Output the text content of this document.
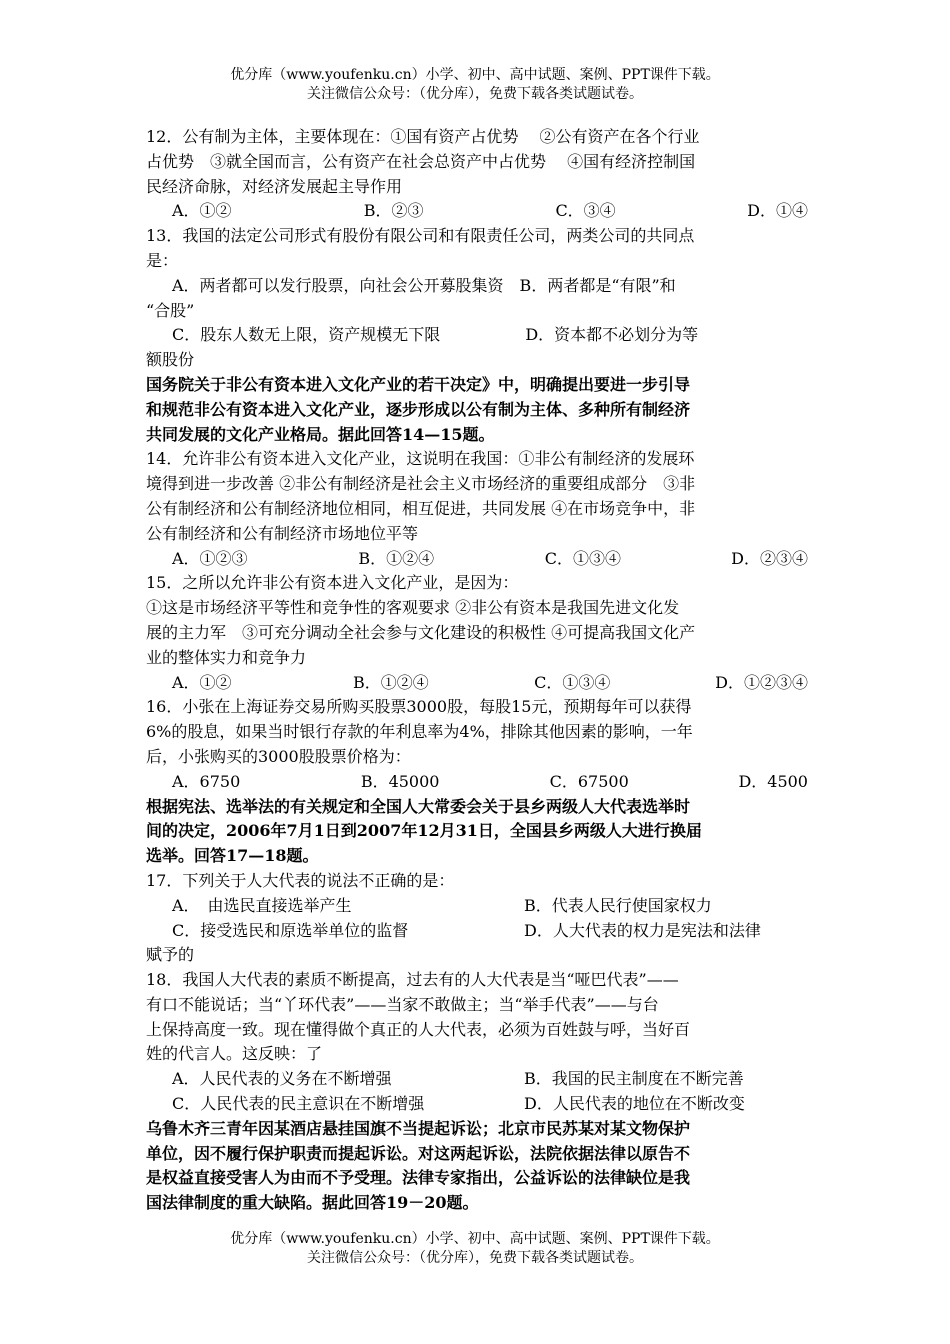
优分库（www.youfenku.cn）小学、初中、高中试题、案例、PPT课件下载。
关注微信公众号：（优分库），免费下载各类试题试卷。
12．公有制为主体，主要体现在：①国有资产占优势　 ②公有资产在各个行业
占优势　③就全国而言，公有资产在社会总资产中占优势　 ④国有经济控制国
民经济命脉，对经济发展起主导作用
A．①②	B．②③	C．③④	D．①④
13．我国的法定公司形式有股份有限公司和有限责任公司，两类公司的共同点
是：
A．两者都可以发行股票，向社会公开募股集资　B．两者都是“有限”和
“合股”
C．股东人数无上限，资产规模无下限　　　　　 D．资本都不必划分为等
额股份
国务院关于非公有资本进入文化产业的若干决定》中，明确提出要进一步引导
和规范非公有资本进入文化产业，逐步形成以公有制为主体、多种所有制经济
共同发展的文化产业格局。据此回答14—15题。
14．允许非公有资本进入文化产业，这说明在我国：①非公有制经济的发展环
境得到进一步改善 ②非公有制经济是社会主义市场经济的重要组成部分　③非
公有制经济和公有制经济地位相同，相互促进，共同发展 ④在市场竞争中，非
公有制经济和公有制经济市场地位平等
A．①②③	B．①②④	C．①③④	D．②③④
15．之所以允许非公有资本进入文化产业，是因为：
①这是市场经济平等性和竞争性的客观要求 ②非公有资本是我国先进文化发
展的主力军　③可充分调动全社会参与文化建设的积极性 ④可提高我国文化产
业的整体实力和竞争力
A．①②	B．①②④	C．①③④	D．①②③④
16．小张在上海证券交易所购买股票3000股，每股15元，预期每年可以获得
6%的股息，如果当时银行存款的年利息率为4%，排除其他因素的影响，一年
后，小张购买的3000股股票价格为：
A．6750	B．45000	C．67500	D．4500
根据宪法、选举法的有关规定和全国人大常委会关于县乡两级人大代表选举时
间的决定，2006年7月1日到2007年12月31日，全国县乡两级人大进行换届
选举。回答17—18题。
17．下列关于人大代表的说法不正确的是：
A．　由选民直接选举产生	B．代表人民行使国家权力
C．接受选民和原选举单位的监督	D．人大代表的权力是宪法和法律
赋予的
18．我国人大代表的素质不断提高，过去有的人大代表是当“哑巴代表”——
有口不能说话；当“丫环代表”——当家不敢做主；当“举手代表”——与台
上保持高度一致。现在懂得做个真正的人大代表，必须为百姓鼓与呼，当好百
姓的代言人。这反映：了
A．人民代表的义务在不断增强	B．我国的民主制度在不断完善
C．人民代表的民主意识在不断增强	D．人民代表的地位在不断改变
乌鲁木齐三青年因某酒店悬挂国旗不当提起诉讼；北京市民苏某对某文物保护
单位，因不履行保护职责而提起诉讼。对这两起诉讼，法院依据法律以原告不
是权益直接受害人为由而不予受理。法律专家指出，公益诉讼的法律缺位是我
国法律制度的重大缺陷。据此回答19－20题。
优分库（www.youfenku.cn）小学、初中、高中试题、案例、PPT课件下载。
关注微信公众号：（优分库），免费下载各类试题试卷。
